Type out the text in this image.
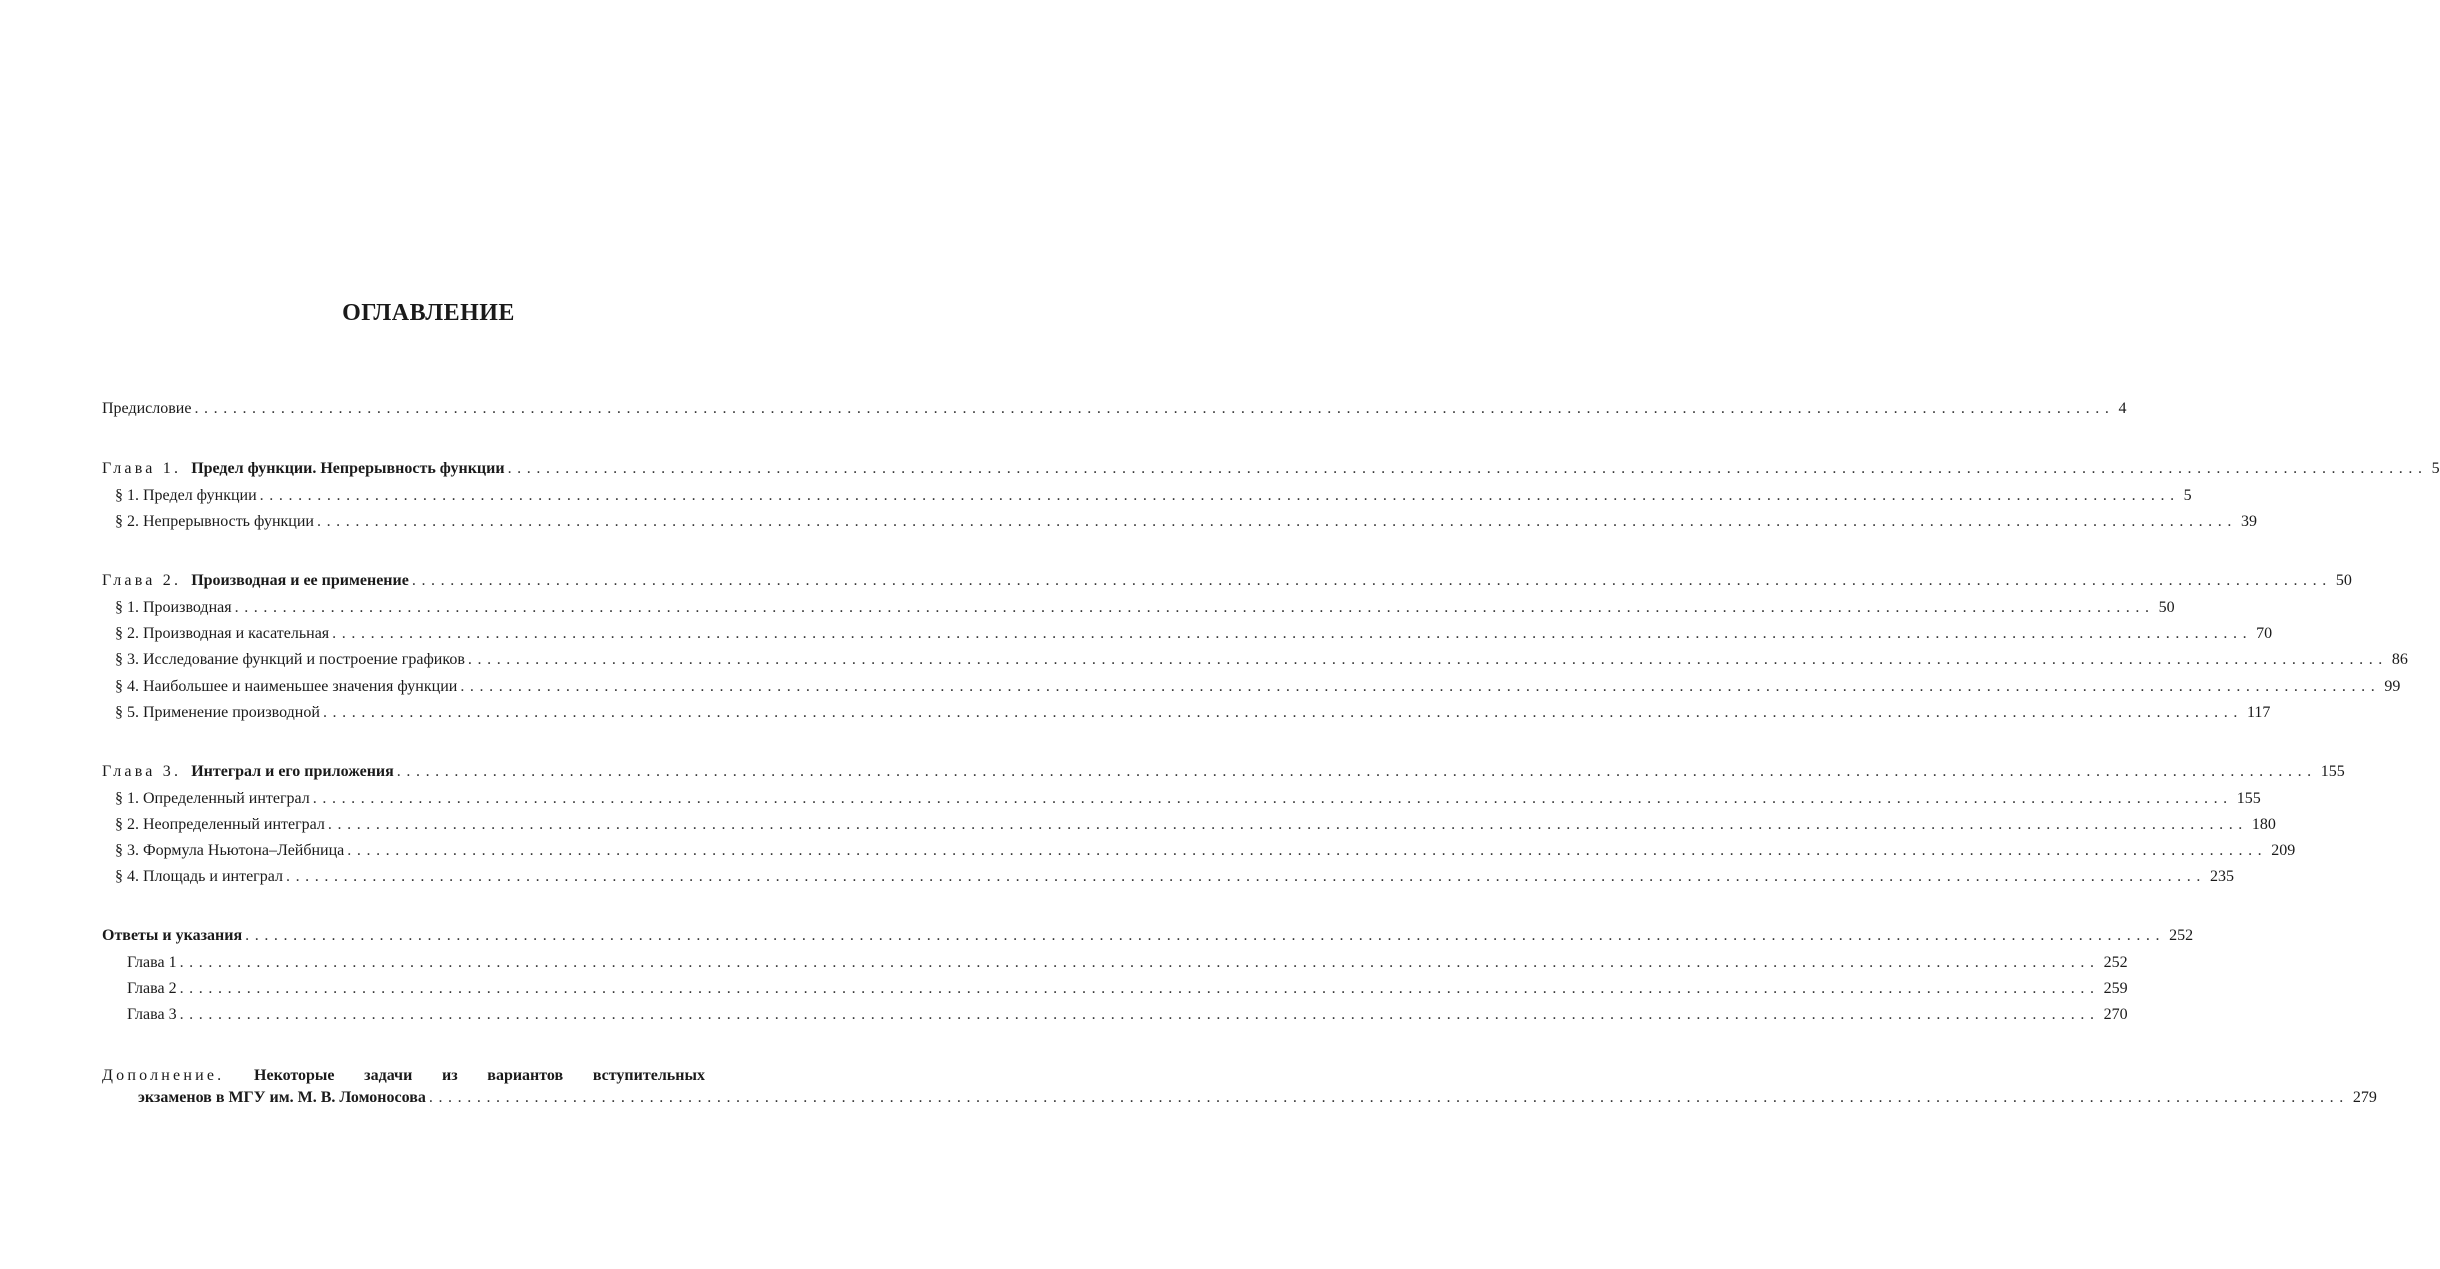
ОГЛАВЛЕНИЕ
Предисловие ........................................................................................................................................................................................................ 4
Глава 1. Предел функции. Непрерывность функции ........................................................................................................................................................................................................ 5
§ 1. Предел функции ........................................................................................................................................................................................................ 5
§ 2. Непрерывность функции ........................................................................................................................................................................................................ 39
Глава 2. Производная и ее применение ........................................................................................................................................................................................................ 50
§ 1. Производная ........................................................................................................................................................................................................ 50
§ 2. Производная и касательная ........................................................................................................................................................................................................ 70
§ 3. Исследование функций и построение графиков ........................................................................................................................................................................................................ 86
§ 4. Наибольшее и наименьшее значения функции ........................................................................................................................................................................................................ 99
§ 5. Применение производной ........................................................................................................................................................................................................ 117
Глава 3. Интеграл и его приложения ........................................................................................................................................................................................................ 155
§ 1. Определенный интеграл ........................................................................................................................................................................................................ 155
§ 2. Неопределенный интеграл ........................................................................................................................................................................................................ 180
§ 3. Формула Ньютона–Лейбница ........................................................................................................................................................................................................ 209
§ 4. Площадь и интеграл ........................................................................................................................................................................................................ 235
Ответы и указания ........................................................................................................................................................................................................ 252
Глава 1 ........................................................................................................................................................................................................ 252
Глава 2 ........................................................................................................................................................................................................ 259
Глава 3 ........................................................................................................................................................................................................ 270
Дополнение. Некоторые задачи из вариантов вступительных
экзаменов в МГУ им. М. В. Ломоносова ........................................................................................................................................................................................................ 279
